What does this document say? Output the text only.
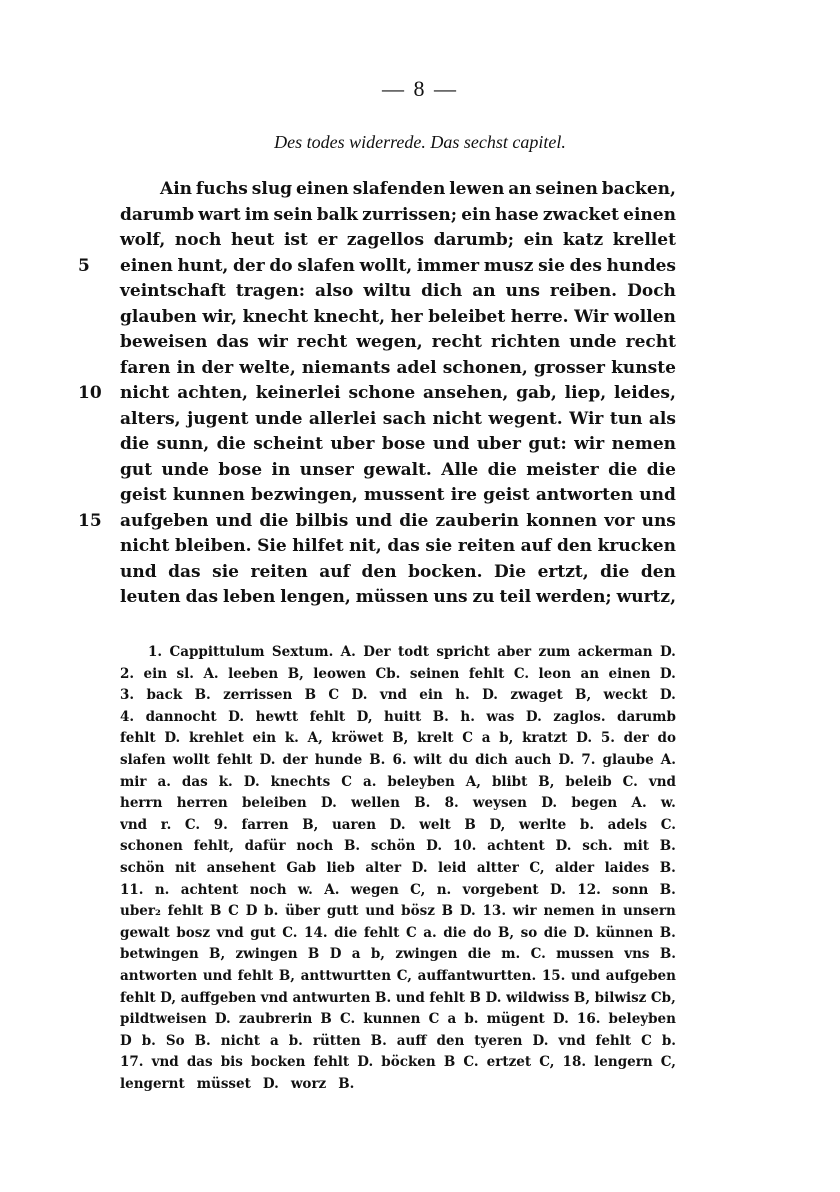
— 8 —
Des todes widerrede. Das sechst capitel.
Ain fuchs slug einen slafenden lewen an seinen backen,
darumb wart im sein balk zurrissen; ein hase zwacket einen
wolf, noch heut ist er zagellos darumb; ein katz krellet
5	einen hunt, der do slafen wollt, immer musz sie des hundes
veintschaft tragen: also wiltu dich an uns reiben. Doch
glauben wir, knecht knecht, her beleibet herre. Wir wollen
beweisen das wir recht wegen, recht richten unde recht
faren in der welte, niemants adel schonen, grosser kunste
10	nicht achten, keinerlei schone ansehen, gab, liep, leides,
alters, jugent unde allerlei sach nicht wegent. Wir tun als
die sunn, die scheint uber bose und uber gut: wir nemen
gut unde bose in unser gewalt. Alle die meister die die
geist kunnen bezwingen, mussent ire geist antworten und
15	aufgeben und die bilbis und die zauberin konnen vor uns
nicht bleiben. Sie hilfet nit, das sie reiten auf den krucken
und das sie reiten auf den bocken. Die ertzt, die den
leuten das leben lengen, müssen uns zu teil werden; wurtz,
1. Cappittulum Sextum. A. Der todt spricht aber zum ackerman D.
2. ein sl. A. leeben B, leowen Cb. seinen fehlt C. leon an einen D.
3. back B. zerrissen B C D. vnd ein h. D. zwaget B, weckt D.
4. dannocht D. hewtt fehlt D, huitt B. h. was D. zaglos. darumb
fehlt D. krehlet ein k. A, kröwet B, krelt C a b, kratzt D. 5. der do
slafen wollt fehlt D. der hunde B. 6. wilt du dich auch D. 7. glaube A.
mir a. das k. D. knechts C a. beleyben A, blibt B, beleib C. vnd
herrn herren beleiben D. wellen B. 8. weysen D. begen A. w.
vnd r. C. 9. farren B, uaren D. welt B D, werlte b. adels C.
schonen fehlt, dafür noch B. schön D. 10. achtent D. sch. mit B.
schön nit ansehent Gab lieb alter D. leid altter C, alder laides B.
11. n. achtent noch w. A. wegen C, n. vorgebent D. 12. sonn B.
uber₂ fehlt B C D b. über gutt und bösz B D. 13. wir nemen in unsern
gewalt bosz vnd gut C. 14. die fehlt C a. die do B, so die D. künnen B.
betwingen B, zwingen B D a b, zwingen die m. C. mussen vns B.
antworten und fehlt B, anttwurtten C, auffantwurtten. 15. und aufgeben
fehlt D, auffgeben vnd antwurten B. und fehlt B D. wildwiss B, bilwisz Cb,
pildtweisen D. zaubrerin B C. kunnen C a b. mügent D. 16. beleyben
D b. So B. nicht a b. rütten B. auff den tyeren D. vnd fehlt C b.
17. vnd das bis bocken fehlt D. böcken B C. ertzet C, 18. lengern C,
lengernt müsset D. worz B.
